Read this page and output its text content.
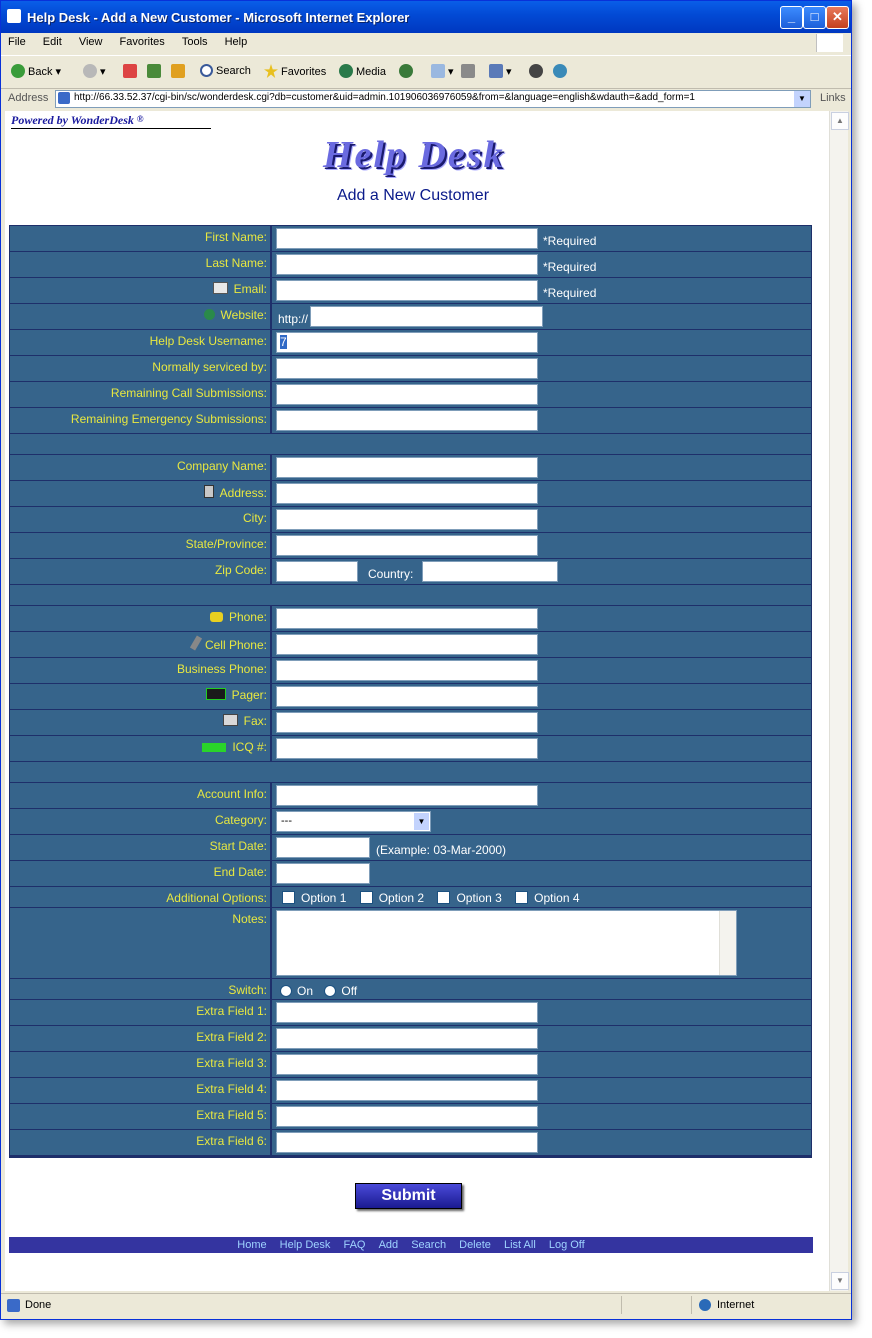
Help Desk - Add a New Customer - Microsoft Internet Explorer	_	□	✕
File Edit View Favorites Tools Help
Back ▾	▾	Search	Favorites	Media	▾	▾
Address	http://66.33.52.37/cgi-bin/sc/wonderdesk.cgi?db=customer&uid=admin.101906036976059&from=&language=english&wdauth=&add_form=1	▼	Links
Powered by WonderDesk ®
Help Desk
Add a New Customer
First Name:	*Required
Last Name:	*Required
Email:	*Required
Website: http://
Help Desk Username:	7
Normally serviced by:
Remaining Call Submissions:
Remaining Emergency Submissions:
Company Name:
Address:
City:
State/Province:
Zip Code:	Country:
Phone:
Cell Phone:
Business Phone:
Pager:
Fax:
ICQ #:
Account Info:
Category:	---	▼
Start Date:	(Example: 03-Mar-2000)
End Date:
Additional Options:	Option 1	Option 2	Option 3	Option 4
Notes:
Switch:	On Off
Extra Field 1:
Extra Field 2:
Extra Field 3:
Extra Field 4:
Extra Field 5:
Extra Field 6:
Submit
Home Help Desk FAQ Add Search Delete List All Log Off
▲
▼
Done	Internet
